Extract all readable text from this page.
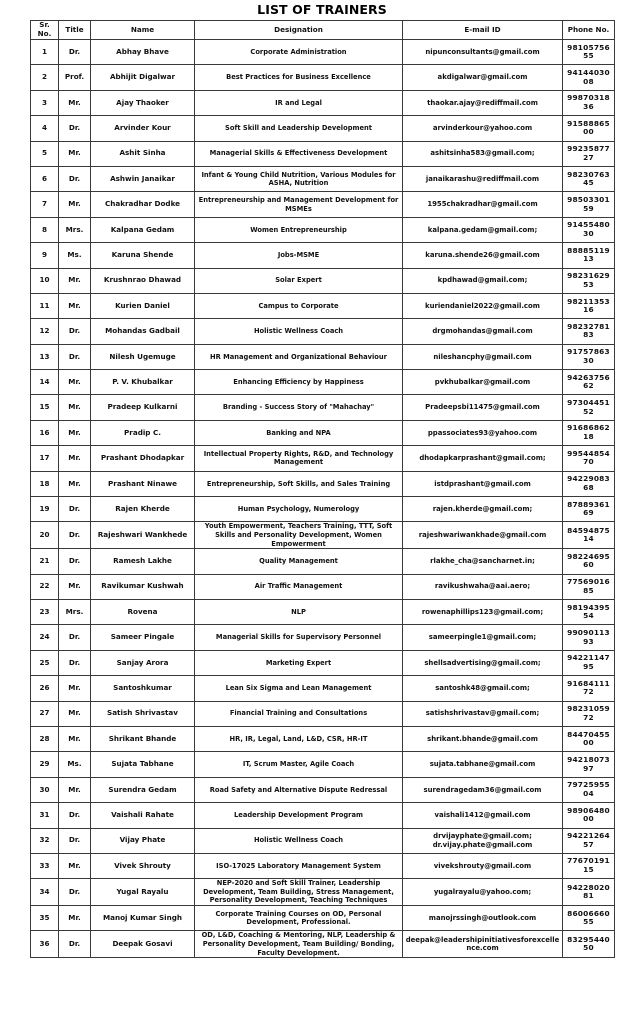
LIST OF TRAINERS
Sr. No.	Title	Name	Designation	E-mail ID	Phone No.
1	Dr.	Abhay Bhave	Corporate Administration	nipunconsultants@gmail.com	9810575655
2	Prof.	Abhijit Digalwar	Best Practices for Business Excellence	akdigalwar@gmail.com	9414403008
3	Mr.	Ajay Thaoker	IR and Legal	thaokar.ajay@rediffmail.com	9987031836
4	Dr.	Arvinder Kour	Soft Skill and Leadership Development	arvinderkour@yahoo.com	9158886500
5	Mr.	Ashit Sinha	Managerial Skills & Effectiveness Development	ashitsinha583@gmail.com;	9923587727
6	Dr.	Ashwin Janaikar	Infant & Young Child Nutrition, Various Modules for ASHA, Nutrition	janaikarashu@rediffmail.com	9823076345
7	Mr.	Chakradhar Dodke	Entrepreneurship and Management Development for MSMEs	1955chakradhar@gmail.com	9850330159
8	Mrs.	Kalpana Gedam	Women Entrepreneurship	kalpana.gedam@gmail.com;	9145548030
9	Ms.	Karuna Shende	Jobs-MSME	karuna.shende26@gmail.com	8888511913
10	Mr.	Krushnrao Dhawad	Solar Expert	kpdhawad@gmail.com;	9823162953
11	Mr.	Kurien Daniel	Campus to Corporate	kuriendaniel2022@gmail.com	9821135316
12	Dr.	Mohandas Gadbail	Holistic Wellness Coach	drgmohandas@gmail.com	9823278183
13	Dr.	Nilesh Ugemuge	HR Management and Organizational Behaviour	nileshancphy@gmail.com	9175786330
14	Mr.	P. V. Khubalkar	Enhancing Efficiency by Happiness	pvkhubalkar@gmail.com	9426375662
15	Mr.	Pradeep Kulkarni	Branding - Success Story of "Mahachay"	Pradeepsbi11475@gmail.com	9730445152
16	Mr.	Pradip C.	Banking and NPA	ppassociates93@yahoo.com	9168686218
17	Mr.	Prashant Dhodapkar	Intellectual Property Rights, R&D, and Technology Management	dhodapkarprashant@gmail.com;	9954485470
18	Mr.	Prashant Ninawe	Entrepreneurship, Soft Skills, and Sales Training	istdprashant@gmail.com	9422908368
19	Dr.	Rajen Kherde	Human Psychology, Numerology	rajen.kherde@gmail.com;	8788936169
20	Dr.	Rajeshwari Wankhede	Youth Empowerment, Teachers Training, TTT, Soft Skills and Personality Development, Women Empowerment	rajeshwariwankhade@gmail.com	8459487514
21	Dr.	Ramesh Lakhe	Quality Management	rlakhe_cha@sancharnet.in;	9822469560
22	Mr.	Ravikumar Kushwah	Air Traffic Management	ravikushwaha@aai.aero;	7756901685
23	Mrs.	Rovena	NLP	rowenaphillips123@gmail.com;	9819439554
24	Dr.	Sameer Pingale	Managerial Skills for Supervisory Personnel	sameerpingle1@gmail.com;	9909011393
25	Dr.	Sanjay Arora	Marketing Expert	shellsadvertising@gmail.com;	9422114795
26	Mr.	Santoshkumar	Lean Six Sigma and Lean Management	santoshk48@gmail.com;	9168411172
27	Mr.	Satish Shrivastav	Financial Training and Consultations	satishshrivastav@gmail.com;	9823105972
28	Mr.	Shrikant Bhande	HR, IR, Legal, Land, L&D, CSR, HR-IT	shrikant.bhande@gmail.com	8447045500
29	Ms.	Sujata Tabhane	IT, Scrum Master, Agile Coach	sujata.tabhane@gmail.com	9421807397
30	Mr.	Surendra Gedam	Road Safety and Alternative Dispute Redressal	surendragedam36@gmail.com	7972595504
31	Dr.	Vaishali Rahate	Leadership Development Program	vaishali1412@gmail.com	9890648000
32	Dr.	Vijay Phate	Holistic Wellness Coach	drvijayphate@gmail.com; dr.vijay.phate@gmail.com	9422126457
33	Mr.	Vivek Shrouty	ISO-17025 Laboratory Management System	vivekshrouty@gmail.com	7767019115
34	Dr.	Yugal Rayalu	NEP-2020 and Soft Skill Trainer, Leadership Development, Team Building, Stress Management, Personality Development, Teaching Techniques	yugalrayalu@yahoo.com;	9422802081
35	Mr.	Manoj Kumar Singh	Corporate Training Courses on OD, Personal Development, Professional.	manojrssingh@outlook.com	8600666055
36	Dr.	Deepak Gosavi	OD, L&D, Coaching & Mentoring, NLP, Leadership & Personality Development, Team Building/ Bonding, Faculty Development.	deepak@leadershipinitiativesforexcellence.com	8329544050
